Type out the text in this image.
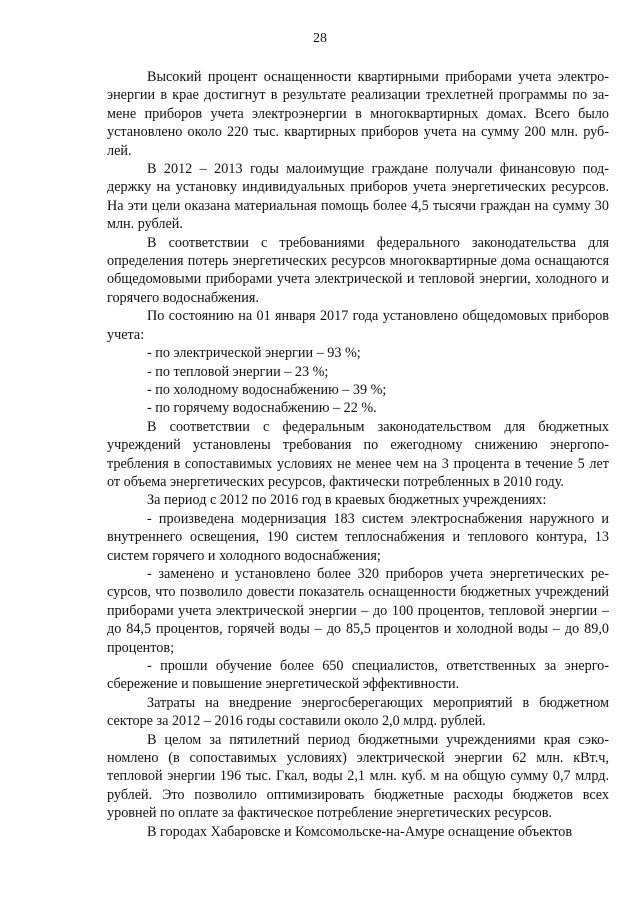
28

Высокий процент оснащенности квартирными приборами учета электроэнергии в крае достигнут в результате реализации трехлетней программы по замене приборов учета электроэнергии в многоквартирных домах. Всего было установлено около 220 тыс. квартирных приборов учета на сумму 200 млн. рублей.

В 2012 – 2013 годы малоимущие граждане получали финансовую поддержку на установку индивидуальных приборов учета энергетических ресурсов. На эти цели оказана материальная помощь более 4,5 тысячи граждан на сумму 30 млн. рублей.

В соответствии с требованиями федерального законодательства для определения потерь энергетических ресурсов многоквартирные дома оснащаются общедомовыми приборами учета электрической и тепловой энергии, холодного и горячего водоснабжения.

По состоянию на 01 января 2017 года установлено общедомовых приборов учета:

- по электрической энергии – 93 %;

- по тепловой энергии – 23 %;

- по холодному водоснабжению – 39 %;

- по горячему водоснабжению – 22 %.

В соответствии с федеральным законодательством для бюджетных учреждений установлены требования по ежегодному снижению энергопотребления в сопоставимых условиях не менее чем на 3 процента в течение 5 лет от объема энергетических ресурсов, фактически потребленных в 2010 году.

За период с 2012 по 2016 год в краевых бюджетных учреждениях:

- произведена модернизация 183 систем электроснабжения наружного и внутреннего освещения, 190 систем теплоснабжения и теплового контура, 13 систем горячего и холодного водоснабжения;

- заменено и установлено более 320 приборов учета энергетических ресурсов, что позволило довести показатель оснащенности бюджетных учреждений приборами учета электрической энергии – до 100 процентов, тепловой энергии – до 84,5 процентов, горячей воды – до 85,5 процентов и холодной воды – до 89,0 процентов;

- прошли обучение более 650 специалистов, ответственных за энергосбережение и повышение энергетической эффективности.

Затраты на внедрение энергосберегающих мероприятий в бюджетном секторе за 2012 – 2016 годы составили около 2,0 млрд. рублей.

В целом за пятилетний период бюджетными учреждениями края сэкономлено (в сопоставимых условиях) электрической энергии 62 млн. кВт.ч, тепловой энергии 196 тыс. Гкал, воды 2,1 млн. куб. м на общую сумму 0,7 млрд. рублей. Это позволило оптимизировать бюджетные расходы бюджетов всех уровней по оплате за фактическое потребление энергетических ресурсов.

В городах Хабаровске и Комсомольске-на-Амуре оснащение объектов
